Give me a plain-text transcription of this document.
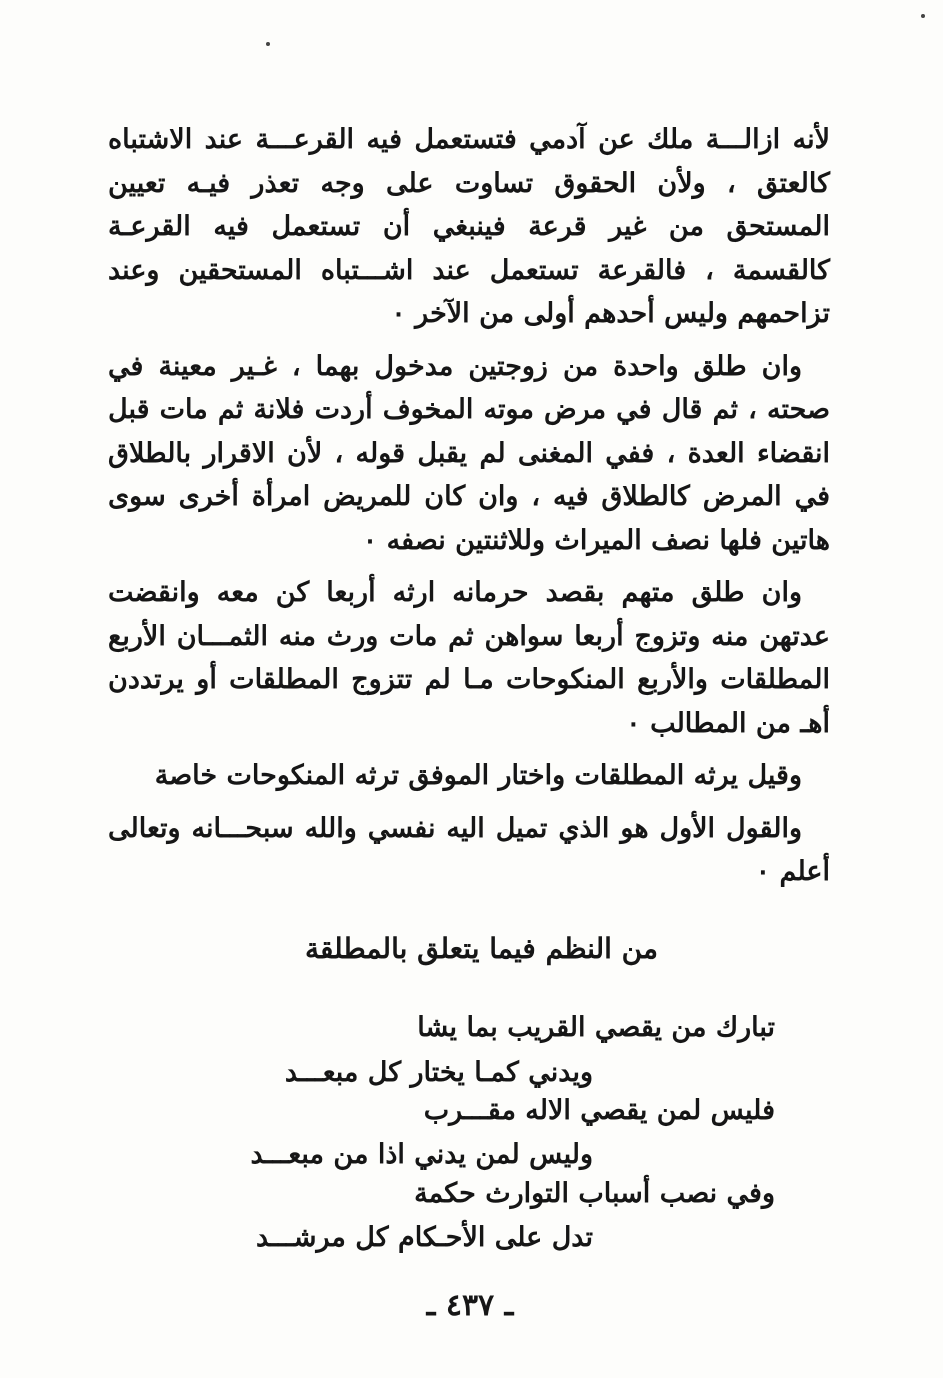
لأنه ازالـــة ملك عن آدمي فتستعمل فيه القرعـــة عند الاشتباه كالعتق ، ولأن الحقوق تساوت على وجه تعذر فيـه تعيين المستحق من غير قرعة فينبغي أن تستعمل فيه القرعـة كالقسمة ، فالقرعة تستعمل عند اشـــتباه المستحقين وعند تزاحمهم وليس أحدهم أولى من الآخر ٠

وان طلق واحدة من زوجتين مدخول بهما ، غـير معينة في صحته ، ثم قال في مرض موته المخوف أردت فلانة ثم مات قبل انقضاء العدة ، ففي المغنى لم يقبل قوله ، لأن الاقرار بالطلاق في المرض كالطلاق فيه ، وان كان للمريض امرأة أخرى سوى هاتين فلها نصف الميراث وللاثنتين نصفه ٠

وان طلق متهم بقصد حرمانه ارثه أربعا كن معه وانقضت عدتهن منه وتزوج أربعا سواهن ثم مات ورث منه الثمـــان الأربع المطلقات والأربع المنكوحات مـا لم تتزوج المطلقات أو يرتددن أهـ من المطالب ٠

وقيل يرثه المطلقات واختار الموفق ترثه المنكوحات خاصة

والقول الأول هو الذي تميل اليه نفسي والله سبحـــانه وتعالى أعلم ٠

من النظم فيما يتعلق بالمطلقة
تبارك من يقصي القريب بما يشا
ويدني كمـا يختار كل مبعـــد
فليس لمن يقصي الاله مقـــرب
وليس لمن يدني اذا من مبعـــد
وفي نصب أسباب التوارث حكمة
تدل على الأحـكام كل مرشـــد
ـ ٤٣٧ ـ
